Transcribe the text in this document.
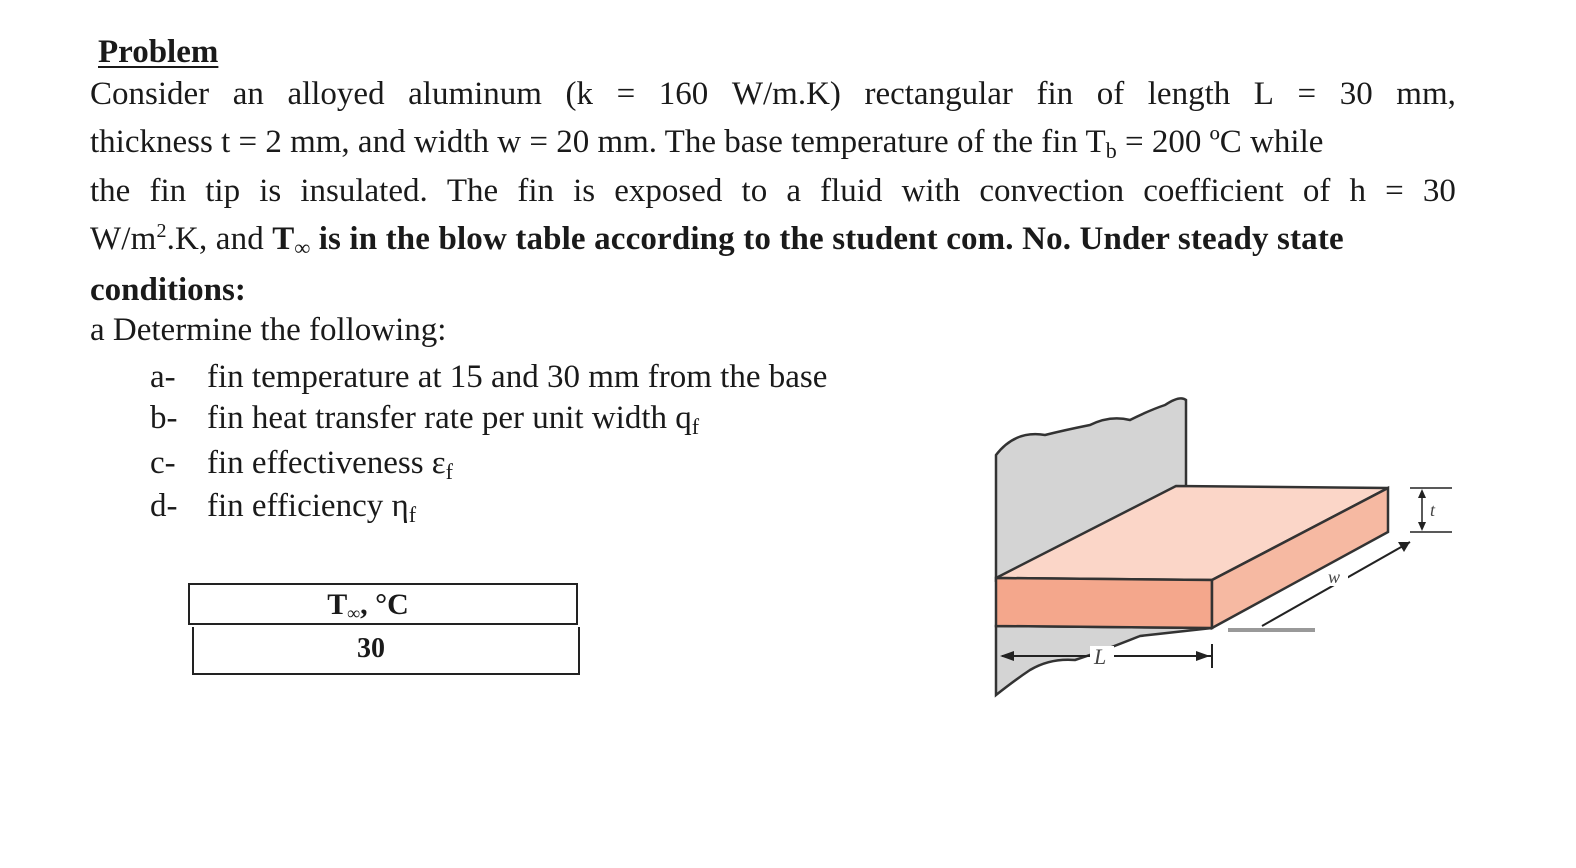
Problem
Consider an alloyed aluminum (k = 160 W/m.K) rectangular fin of length L = 30 mm,
thickness t = 2 mm, and width w = 20 mm. The base temperature of the fin Tb = 200 ºC while
the fin tip is insulated. The fin is exposed to a fluid with convection coefficient of h = 30
$W/m^2.K$, and T∞ is in the blow table according to the student com. No. Under steady state
conditions:
a Determine the following:
a- fin temperature at 15 and 30 mm from the base
b- fin heat transfer rate per unit width qf
c- fin effectiveness εf
d- fin efficiency ηf
T∞, °C
30	L
w
t
